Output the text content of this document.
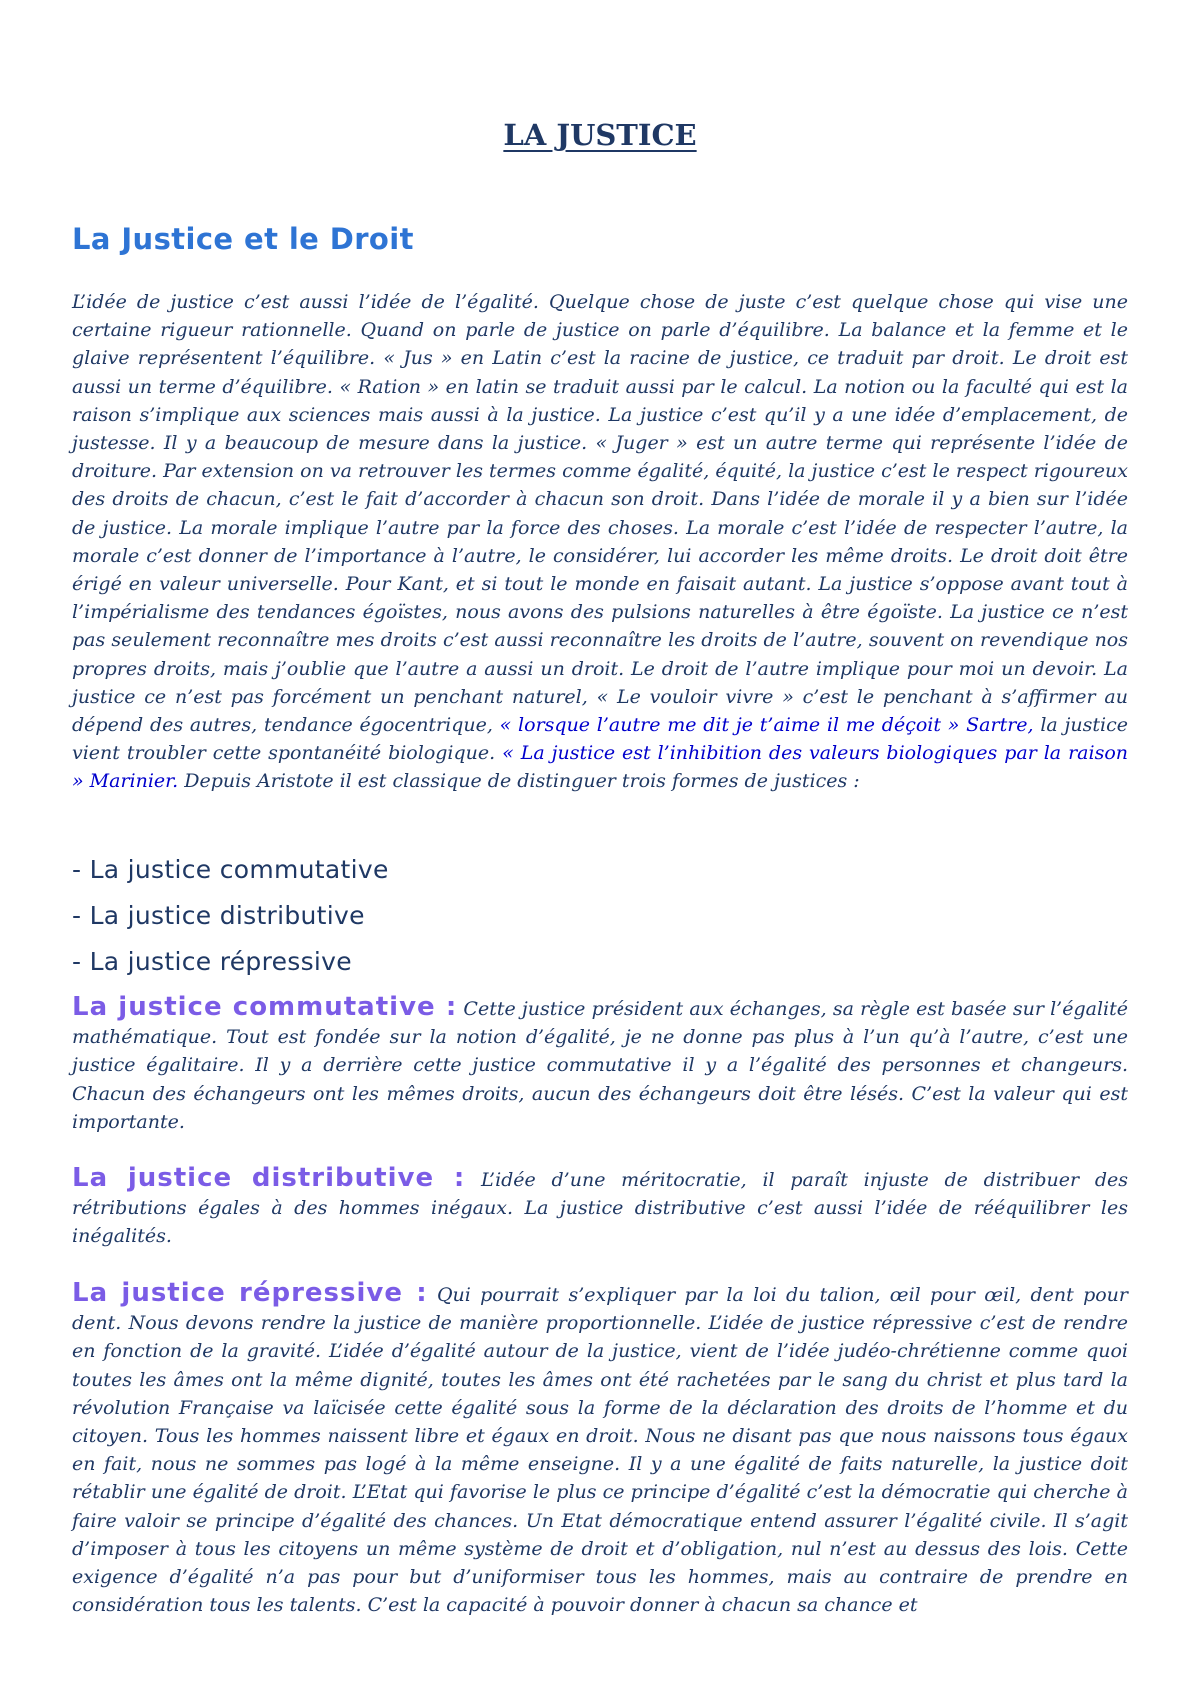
LA JUSTICE
La Justice et le Droit

L’idée de justice c’est aussi l’idée de l’égalité. Quelque chose de juste c’est quelque chose qui vise une certaine rigueur rationnelle. Quand on parle de justice on parle d’équilibre. La balance et la femme et le glaive représentent l’équilibre. « Jus » en Latin c’est la racine de justice, ce traduit par droit. Le droit est aussi un terme d’équilibre. « Ration » en latin se traduit aussi par le calcul. La notion ou la faculté qui est la raison s’implique aux sciences mais aussi à la justice. La justice c’est qu’il y a une idée d’emplacement, de justesse. Il y a beaucoup de mesure dans la justice. « Juger » est un autre terme qui représente l’idée de droiture. Par extension on va retrouver les termes comme égalité, équité, la justice c’est le respect rigoureux des droits de chacun, c’est le fait d’accorder à chacun son droit. Dans l’idée de morale il y a bien sur l’idée de justice. La morale implique l’autre par la force des choses. La morale c’est l’idée de respecter l’autre, la morale c’est donner de l’importance à l’autre, le considérer, lui accorder les même droits. Le droit doit être érigé en valeur universelle. Pour Kant, et si tout le monde en faisait autant. La justice s’oppose avant tout à l’impérialisme des tendances égoïstes, nous avons des pulsions naturelles à être égoïste. La justice ce n’est pas seulement reconnaître mes droits c’est aussi reconnaître les droits de l’autre, souvent on revendique nos propres droits, mais j’oublie que l’autre a aussi un droit. Le droit de l’autre implique pour moi un devoir. La justice ce n’est pas forcément un penchant naturel, « Le vouloir vivre » c’est le penchant à s’affirmer au dépend des autres, tendance égocentrique, « lorsque l’autre me dit je t’aime il me déçoit » Sartre, la justice vient troubler cette spontanéité biologique. « La justice est l’inhibition des valeurs biologiques par la raison » Marinier. Depuis Aristote il est classique de distinguer trois formes de justices :

- La justice commutative
- La justice distributive
- La justice répressive

La justice commutative : Cette justice président aux échanges, sa règle est basée sur l’égalité mathématique. Tout est fondée sur la notion d’égalité, je ne donne pas plus à l’un qu’à l’autre, c’est une justice égalitaire. Il y a derrière cette justice commutative il y a l’égalité des personnes et changeurs. Chacun des échangeurs ont les mêmes droits, aucun des échangeurs doit être lésés. C’est la valeur qui est importante.

La justice distributive : L’idée d’une méritocratie, il paraît injuste de distribuer des rétributions égales à des hommes inégaux. La justice distributive c’est aussi l’idée de rééquilibrer les inégalités.

La justice répressive : Qui pourrait s’expliquer par la loi du talion, œil pour œil, dent pour dent. Nous devons rendre la justice de manière proportionnelle. L’idée de justice répressive c’est de rendre en fonction de la gravité. L’idée d’égalité autour de la justice, vient de l’idée judéo-chrétienne comme quoi toutes les âmes ont la même dignité, toutes les âmes ont été rachetées par le sang du christ et plus tard la révolution Française va laïcisée cette égalité sous la forme de la déclaration des droits de l’homme et du citoyen. Tous les hommes naissent libre et égaux en droit. Nous ne disant pas que nous naissons tous égaux en fait, nous ne sommes pas logé à la même enseigne. Il y a une égalité de faits naturelle, la justice doit rétablir une égalité de droit. L’Etat qui favorise le plus ce principe d’égalité c’est la démocratie qui cherche à faire valoir se principe d’égalité des chances. Un Etat démocratique entend assurer l’égalité civile. Il s’agit d’imposer à tous les citoyens un même système de droit et d’obligation, nul n’est au dessus des lois. Cette exigence d’égalité n’a pas pour but d’uniformiser tous les hommes, mais au contraire de prendre en considération tous les talents. C’est la capacité à pouvoir donner à chacun sa chance et
